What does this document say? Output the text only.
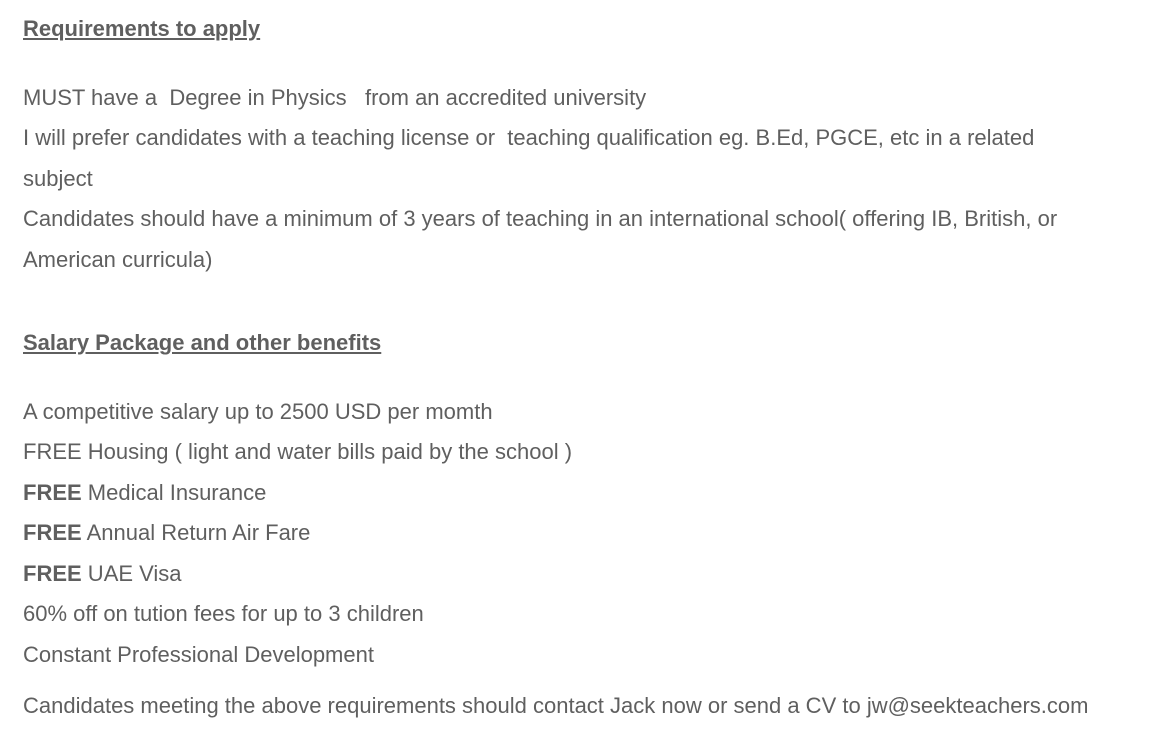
Requirements to apply
MUST have a  Degree in Physics   from an accredited university
I will prefer candidates with a teaching license or  teaching qualification eg. B.Ed, PGCE, etc in a related
subject
Candidates should have a minimum of 3 years of teaching in an international school( offering IB, British, or
American curricula)
Salary Package and other benefits
A competitive salary up to 2500 USD per momth
FREE Housing ( light and water bills paid by the school )
FREE Medical Insurance
FREE Annual Return Air Fare
FREE UAE Visa
60% off on tution fees for up to 3 children
Constant Professional Development
Candidates meeting the above requirements should contact Jack now or send a CV to jw@seekteachers.com
